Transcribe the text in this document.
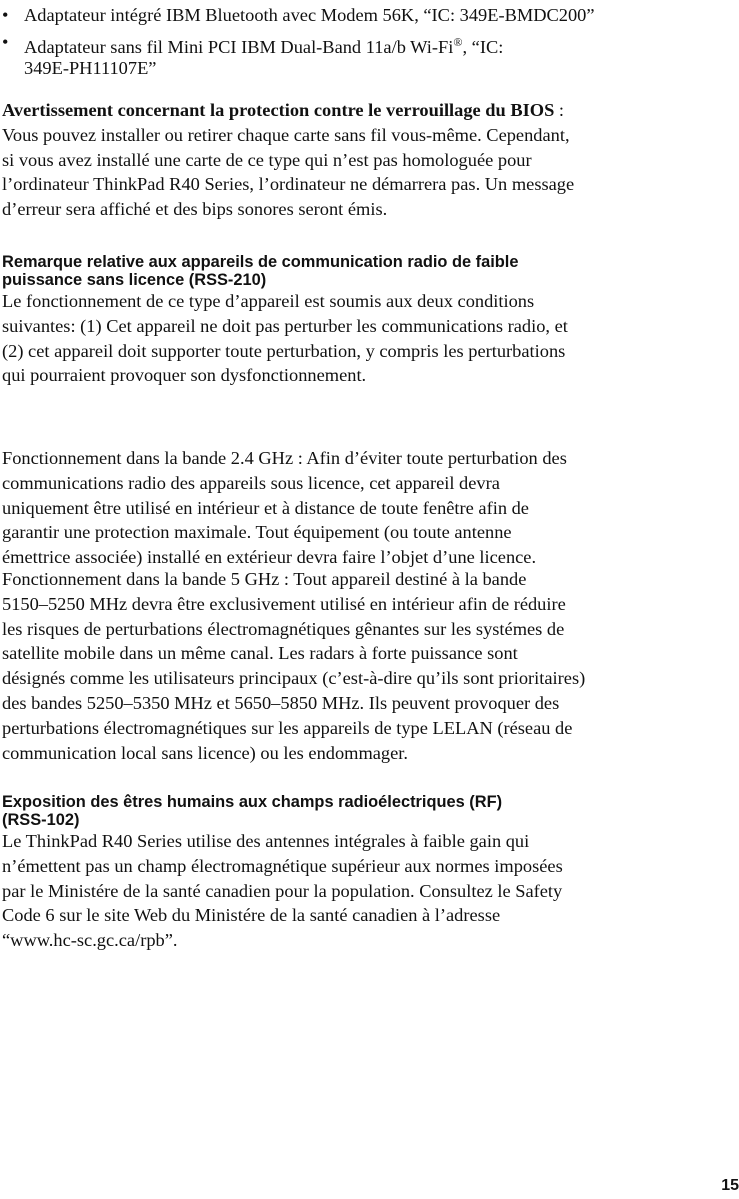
• Adaptateur intégré IBM Bluetooth avec Modem 56K, “IC: 349E-BMDC200”
• Adaptateur sans fil Mini PCI IBM Dual-Band 11a/b Wi-Fi®, “IC:
349E-PH11107E”

Avertissement concernant la protection contre le verrouillage du BIOS :
Vous pouvez installer ou retirer chaque carte sans fil vous-même. Cependant,
si vous avez installé une carte de ce type qui n’est pas homologuée pour
l’ordinateur ThinkPad R40 Series, l’ordinateur ne démarrera pas. Un message
d’erreur sera affiché et des bips sonores seront émis.

Remarque relative aux appareils de communication radio de faible
puissance sans licence (RSS-210)

Le fonctionnement de ce type d’appareil est soumis aux deux conditions
suivantes: (1) Cet appareil ne doit pas perturber les communications radio, et
(2) cet appareil doit supporter toute perturbation, y compris les perturbations
qui pourraient provoquer son dysfonctionnement.

Fonctionnement dans la bande 2.4 GHz : Afin d’éviter toute perturbation des
communications radio des appareils sous licence, cet appareil devra
uniquement être utilisé en intérieur et à distance de toute fenêtre afin de
garantir une protection maximale. Tout équipement (ou toute antenne
émettrice associée) installé en extérieur devra faire l’objet d’une licence.

Fonctionnement dans la bande 5 GHz : Tout appareil destiné à la bande
5150–5250 MHz devra être exclusivement utilisé en intérieur afin de réduire
les risques de perturbations électromagnétiques gênantes sur les systémes de
satellite mobile dans un même canal. Les radars à forte puissance sont
désignés comme les utilisateurs principaux (c’est-à-dire qu’ils sont prioritaires)
des bandes 5250–5350 MHz et 5650–5850 MHz. Ils peuvent provoquer des
perturbations électromagnétiques sur les appareils de type LELAN (réseau de
communication local sans licence) ou les endommager.

Exposition des êtres humains aux champs radioélectriques (RF)
(RSS-102)

Le ThinkPad R40 Series utilise des antennes intégrales à faible gain qui
n’émettent pas un champ électromagnétique supérieur aux normes imposées
par le Ministére de la santé canadien pour la population. Consultez le Safety
Code 6 sur le site Web du Ministére de la santé canadien à l’adresse
“www.hc-sc.gc.ca/rpb”.

15
